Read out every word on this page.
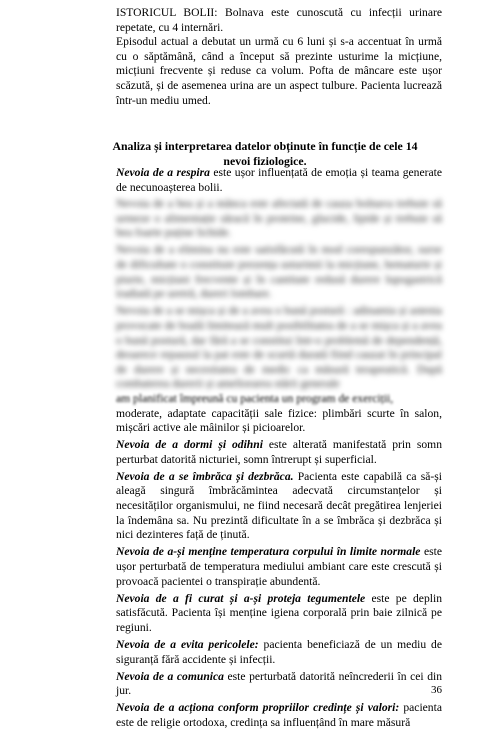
ISTORICUL BOLII: Bolnava este cunoscută cu infecții urinare repetate, cu 4 internări.

Episodul actual a debutat un urmă cu 6 luni și s-a accentuat în urmă cu o săptămână, când a început să prezinte usturime la micțiune, micțiuni frecvente și reduse ca volum. Pofta de mâncare este ușor scăzută, și de asemenea urina are un aspect tulbure. Pacienta lucrează într-un mediu umed.

Analiza și interpretarea datelor obținute în funcție de cele 14 nevoi fiziologice.

Nevoia de a respira este ușor influențată de emoția și teama generate de necunoașterea bolii.

Nevoia de a bea și a mânca este afectată de cauza bolnava trebuie să urmeze o alimentație săracă în proteine, glucide, lipide și trebuie să bea foarte puține lichide.

Nevoia de a elimina nu este satisfăcută în mod corespunzător, surse de dificultate o constituie prezența usturimii la micțiune, hematurie și piurie, micțiuni frecvente și în cantitate redusă durere lupogastrică iradiată pe uretră, dureri lombare.

Nevoia de a se mișca și de a avea o bună postură : adinamia și astenia provocate de boală limitează mult posibilitatea de a se mișca și a avea o bună postură, dar fără a se constitui într-o problemă de dependență, deoarece repausul la pat este de scurtă durată fiind cauzat în principal de durere și necesitatea de medic ca măsură terapeutică. După combaterea durerii și ameliorarea stării generale

am planificat împreună cu pacienta un program de exerciții,

moderate, adaptate capacității sale fizice: plimbări scurte în salon, mișcări active ale mâinilor și picioarelor.

Nevoia de a dormi și odihni este alterată manifestată prin somn perturbat datorită nicturiei, somn întrerupt și superficial.

Nevoia de a se îmbrăca și dezbrăca. Pacienta este capabilă ca să-și aleagă singură îmbrăcămintea adecvată circumstanțelor și necesităților organismului, ne fiind necesară decât pregătirea lenjeriei la îndemâna sa. Nu prezintă dificultate în a se îmbrăca și dezbrăca și nici dezinteres față de ținută.

Nevoia de a-și menține temperatura corpului în limite normale este ușor perturbată de temperatura mediului ambiant care este crescută și provoacă pacientei o transpirație abundentă.

Nevoia de a fi curat și a-și proteja tegumentele este pe deplin satisfăcută. Pacienta își menține igiena corporală prin baie zilnică pe regiuni.

Nevoia de a evita pericolele: pacienta beneficiază de un mediu de siguranță fără accidente și infecții.

Nevoia de a comunica este perturbată datorită neîncrederii în cei din jur.

Nevoia de a acționa conform propriilor credințe și valori: pacienta este de religie ortodoxa, credința sa influențând în mare măsură

36
